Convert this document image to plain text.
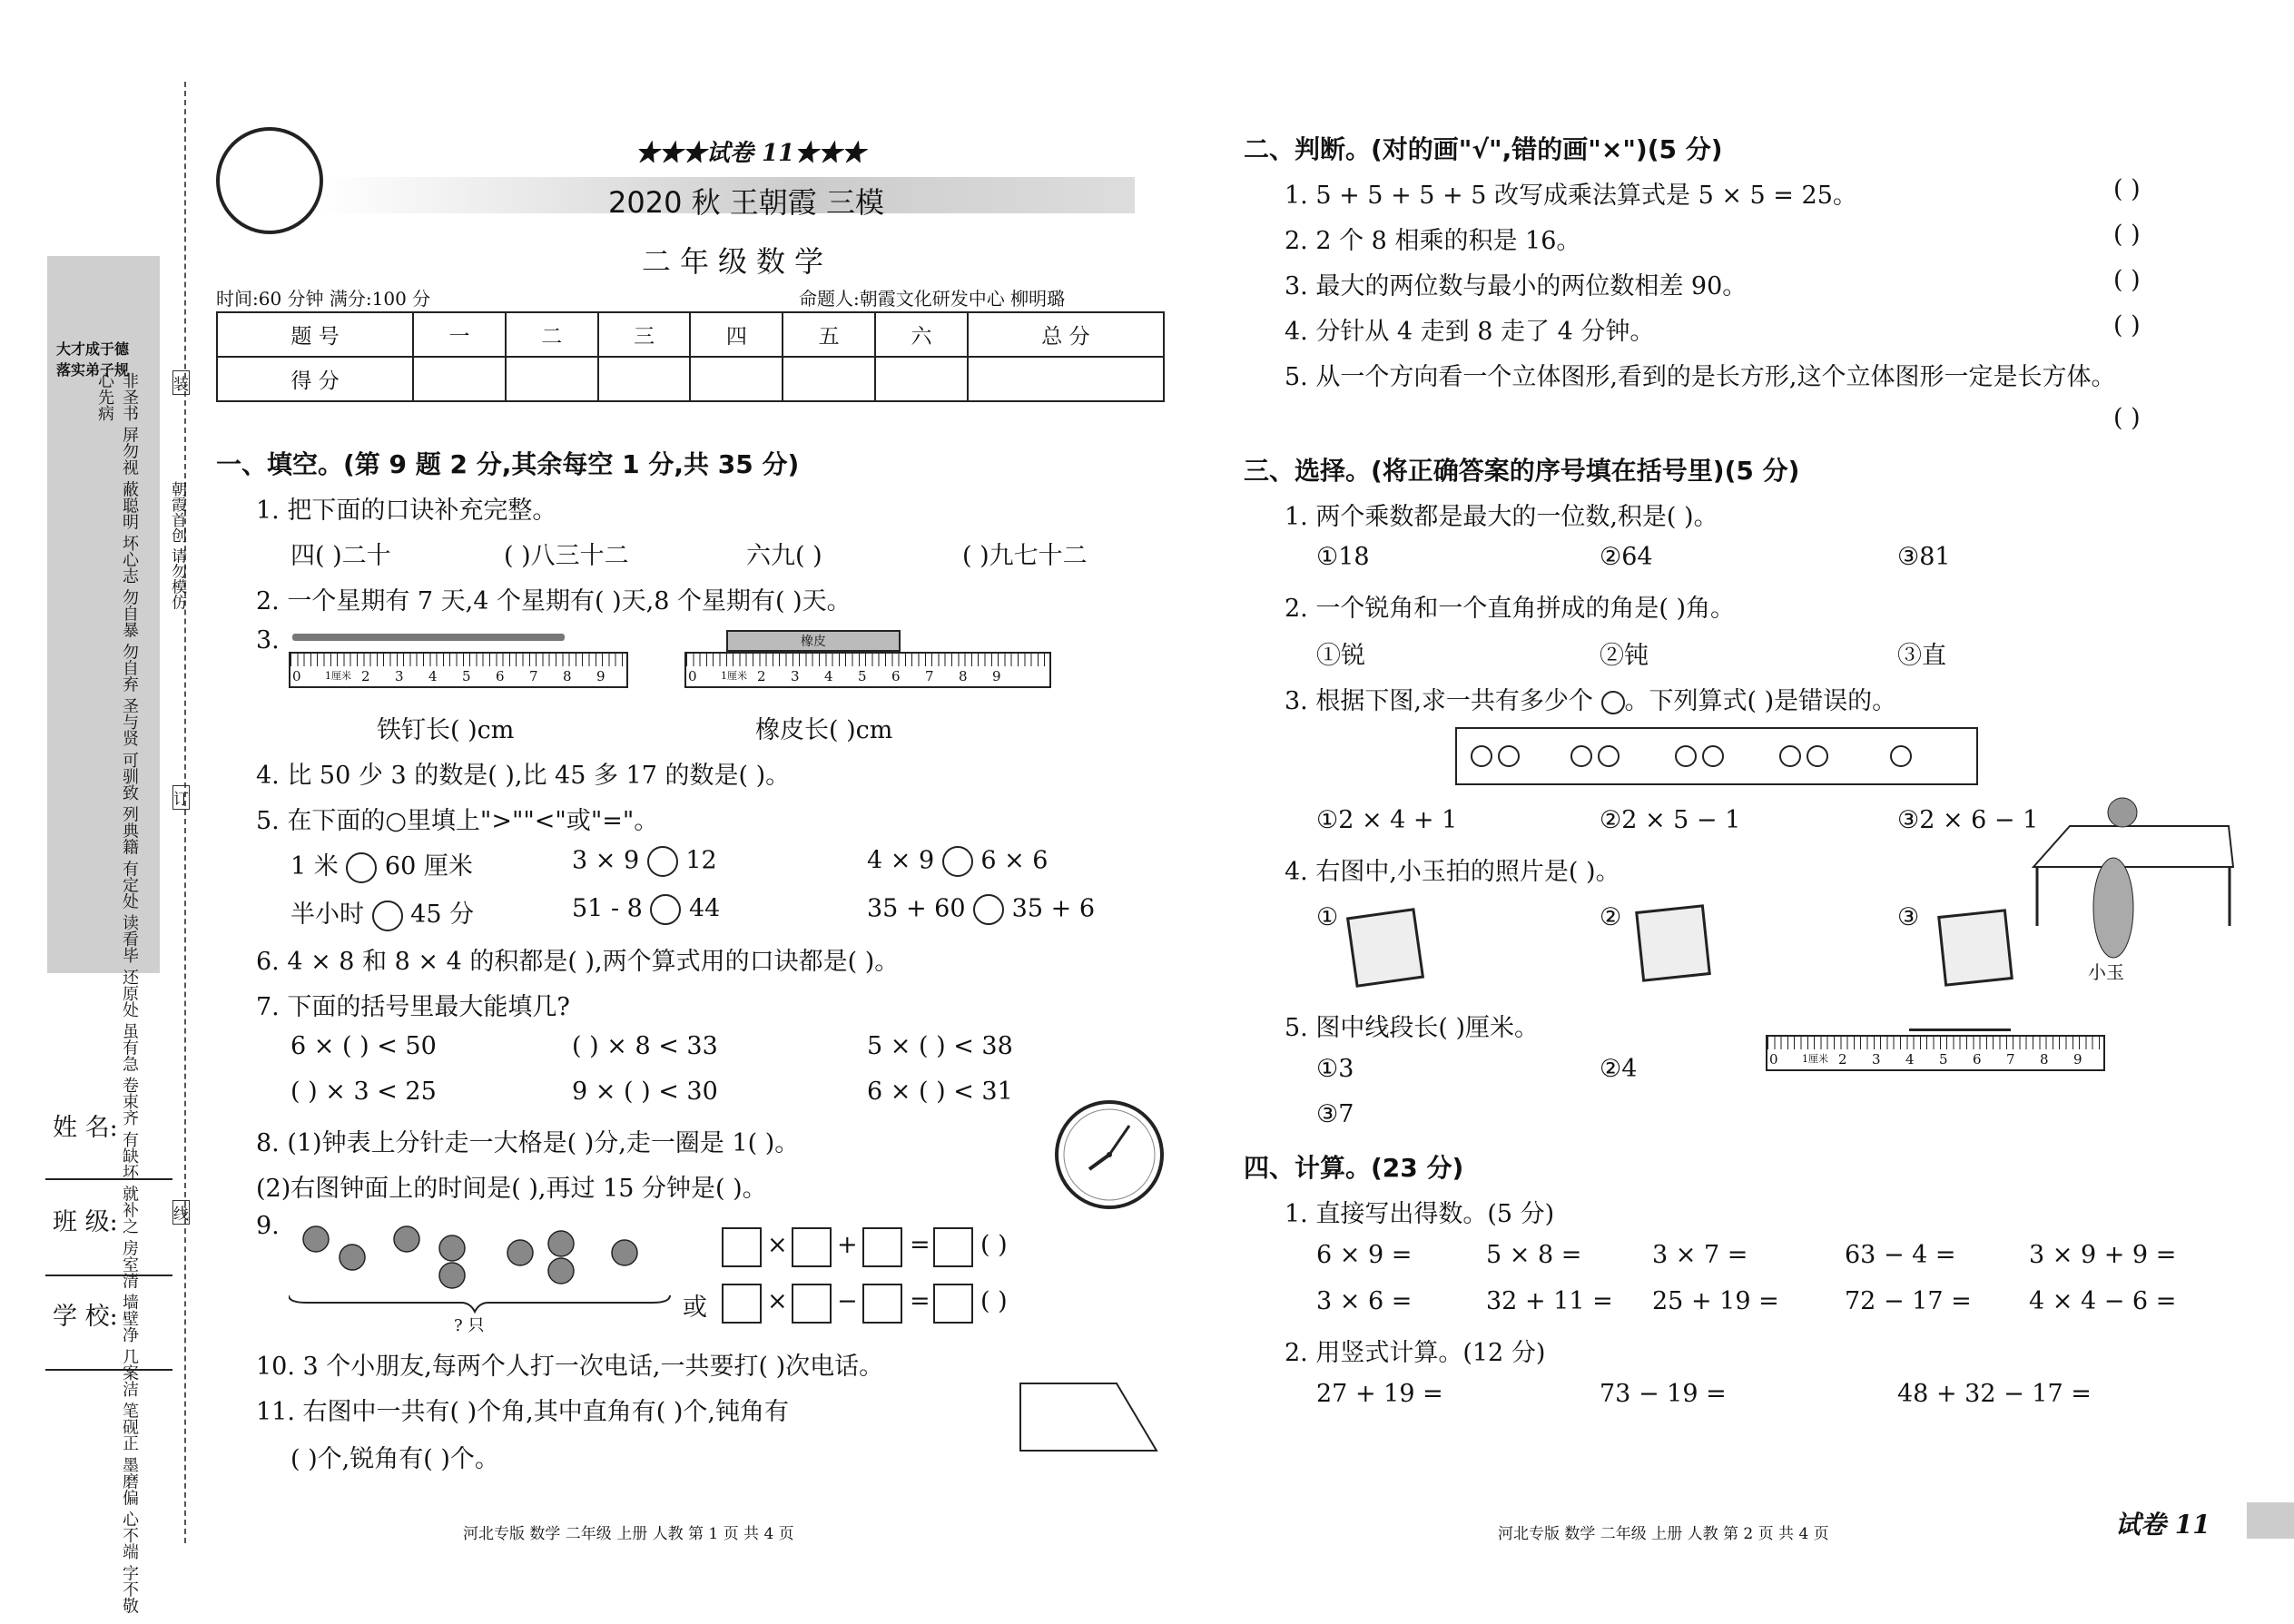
大才成于德
落实弟子规
非圣书 屏勿视 蔽聪明 坏心志 勿自暴 勿自弃 圣与贤 可驯致 列典籍 有定处 读看毕 还原处 虽有急 卷束齐 有缺坏 就补之 房室清 墙壁净 几案洁 笔砚正 墨磨偏 心不端 字不敬 心先病
朝霞首创 请勿模仿
装
订
线
姓 名:
班 级:
学 校:
★★★试卷 11★★★
2020 秋 王朝霞 三模
二年级数学
时间:60 分钟 满分:100 分	命题人:朝霞文化研发中心 柳明璐
题 号	一	二	三	四	五	六	总 分
得 分							
一、填空。(第 9 题 2 分,其余每空 1 分,共 35 分)
1. 把下面的口诀补充完整。
四( )二十	( )八三十二	六九( )	( )九七十二
2. 一个星期有 7 天,4 个星期有( )天,8 个星期有( )天。
3.
0 1厘米 2 3 4 5 6 7 8 9
橡皮
0 1厘米 2 3 4 5 6 7 8 9
铁钉长( )cm	橡皮长( )cm
4. 比 50 少 3 的数是( ),比 45 多 17 的数是( )。
5. 在下面的○里填上">""<"或"="。
1 米  60 厘米	3 × 9  12	4 × 9  6 × 6
半小时  45 分	51 - 8  44	35 + 60  35 + 6
6. 4 × 8 和 8 × 4 的积都是( ),两个算式用的口诀都是( )。
7. 下面的括号里最大能填几?
6 × ( ) < 50	( ) × 8 < 33	5 × ( ) < 38
( ) × 3 < 25	9 × ( ) < 30	6 × ( ) < 31
8. (1)钟表上分针走一大格是( )分,走一圈是 1( )。
(2)右图钟面上的时间是( ),再过 15 分钟是( )。
9.
? 只
× + = ( )
或 × − = ( )
10. 3 个小朋友,每两个人打一次电话,一共要打( )次电话。
11. 右图中一共有( )个角,其中直角有( )个,钝角有
( )个,锐角有( )个。
河北专版 数学 二年级 上册 人教 第 1 页 共 4 页
二、判断。(对的画"√",错的画"×")(5 分)
1. 5 + 5 + 5 + 5 改写成乘法算式是 5 × 5 = 25。	( )
2. 2 个 8 相乘的积是 16。	( )
3. 最大的两位数与最小的两位数相差 90。	( )
4. 分针从 4 走到 8 走了 4 分钟。	( )
5. 从一个方向看一个立体图形,看到的是长方形,这个立体图形一定是长方体。
( )
三、选择。(将正确答案的序号填在括号里)(5 分)
1. 两个乘数都是最大的一位数,积是( )。
①18	②64	③81
2. 一个锐角和一个直角拼成的角是( )角。
①锐	②钝	③直
3. 根据下图,求一共有多少个 。下列算式( )是错误的。
①2 × 4 + 1	②2 × 5 − 1	③2 × 6 − 1
4. 右图中,小玉拍的照片是( )。
①	②	③
小玉
5. 图中线段长( )厘米。
0 1厘米 2 3 4 5 6 7 8 9
①3	②4
③7
四、计算。(23 分)
1. 直接写出得数。(5 分)
6 × 9 =	5 × 8 =	3 × 7 =	63 − 4 =	3 × 9 + 9 =
3 × 6 =	32 + 11 = 25 + 19 =	72 − 17 = 4 × 4 − 6 =
2. 用竖式计算。(12 分)
27 + 19 =	73 − 19 =	48 + 32 − 17 =
河北专版 数学 二年级 上册 人教 第 2 页 共 4 页	试卷 11
